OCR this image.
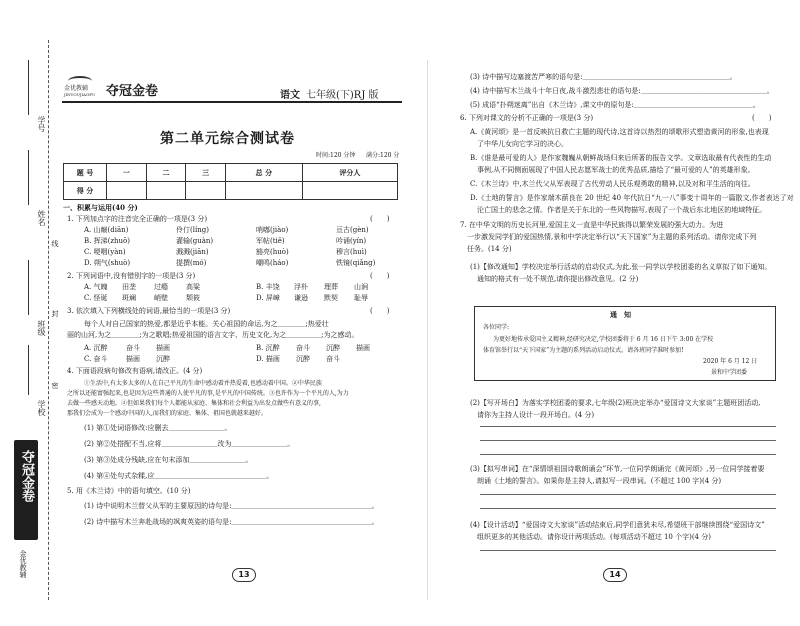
学号
姓名
班级
学校
线
封
密
夺冠金卷
金优教辅
金优教辅
JINYOUJIAOFU 夺冠金卷	语文 七年级(下)RJ 版
第二单元综合测试卷
时间:120 分钟 满分:120 分
题 号	一	二	三	总 分	评分人
得 分					
一、积累与运用(40 分)
1. 下列加点字的注音完全正确的一项是(3 分)	(　　)
A. 山巅(diān)	伶仃(líng)	哨嘟(jiào)	亘古(gèn)
B. 挥涕(zhuō)	灌输(guàn)	军帖(tiě)	吟诵(yín)
C. 哽咽(yàn)	溅溅(jiān)	豁亮(huò)	穆言(huì)
D. 朔气(shuò)	提撰(mó)	嘲鸣(háo)	铁镜(qiǎng)
2. 下列词语中,没有错别字的一项是(3 分)	(　　)
A. 气魄 田垄	过瘾	高粱	B. 丰饶 浮朴 理葬 山涧
C. 怪诞 斑斓	峭壁	颓筱	D. 屏嶂 谦逊 默契 耻辱
3. 依次填入下列横线处的词语,最恰当的一项是(3 分)	(　　)
每个人对自己国家的热爱,都是近乎本能。关心祖国的命运,为之＿＿＿＿;热爱壮
丽的山河,为之＿＿＿＿;为之歌唱;热爱祖国的语言文字、历史文化,为之＿＿＿＿＿;为之感动。
A. 沉醉	奋斗 描画	B. 沉醉 奋斗 沉醉 描画
C. 奋斗	描画 沉醉	D. 描画 沉醉 奋斗
4. 下面语段病句修改有语病,请改正。(4 分)
①生活中,有太多太多的人在自己平凡的生命中感动着并热爱着,也感动着中国。②中华民族
之所以还能富强起来,也是因为这些普通的人使平凡的事,是平凡的中国传统。③也许作为一个平凡的人,为力
去做一些感天动地。④但如果我们每个人都能从家庭、集体和社会利益为出发点做些有意义的事,
那我们会成为一个感动中国的人,而我们的家庭、集体、祖国也就越来越好。
(1) 第①处词语修改:应删去＿＿＿＿＿＿＿＿。
(2) 第②处搭配不当,应将＿＿＿＿＿＿＿＿改为＿＿＿＿＿＿＿＿。
(3) 第③处成分残缺,应在句末添加＿＿＿＿＿＿＿＿。
(4) 第④处句式杂糅,应＿＿＿＿＿＿＿＿＿＿＿＿＿＿＿＿。
5. 用《木兰诗》中的语句填空。(10 分)
(1) 诗中说明木兰替父从军的主要原因的诗句是:＿＿＿＿＿＿＿＿＿＿＿＿＿＿＿＿＿＿＿＿。
(2) 诗中描写木兰奔赴战场的飒爽英姿的语句是:＿＿＿＿＿＿＿＿＿＿＿＿＿＿＿＿＿＿＿＿。
13
(3) 诗中描写边塞渡苦严寒的语句是:＿＿＿＿＿＿＿＿＿＿＿＿＿＿＿＿＿＿＿＿＿。
(4) 诗中描写木兰战斗十年日夜,战斗激烈悲壮的语句是:＿＿＿＿＿＿＿＿＿＿＿＿＿＿＿＿＿＿。
(5) 成语“扑朔迷离”出自《木兰诗》,课文中的原句是:＿＿＿＿＿＿＿＿＿＿＿＿＿＿＿＿＿。
6. 下列对课文的分析不正确的一项是(3 分)	(　　)
A.《黄河颂》是一首反映抗日救亡主题的现代诗,这首诗以热烈的颂歌形式塑造黄河的形象,也表现
　了中华儿女向它学习的决心。
B.《谁是最可爱的人》是作家魏巍从朝鲜战场归来后所著的报告文学。文章选取最有代表性的生动
　事例,从不同侧面展现了中国人民志愿军战士的优秀品质,描绘了“最可爱的人”的英雄形象。
C.《木兰诗》中,木兰代父从军表现了古代劳动人民乐观勇敢的精神,以及对和平生活的向往。
D.《土地的誓言》是作家端木蕻良在 20 世纪 40 年代抗日“九一八”事变十周年的一篇散文,作者表达了对
　沦亡国土的悲念之情。作者是关于东北的一些风物描写,表现了一个战后东北地区的地域特征。
7. 在中华文明的历史长河里,爱国主义一直是中华民族得以繁荣发展的强大动力。为进
　一步激发同学们的爱国热情,景和中学决定举行以“天下国家”为主题的系列活动。请你完成下列
　任务。(14 分)
(1)【修改通知】学校决定举行活动的启动仪式,为此,张一同学以学校团委的名义草拟了如下通知。
　通知的格式有一处不规范,请你提出修改意见。(2 分)
通　知
各位同学:
为更好地传承爱国主义精神,经研究决定,学校团委将于 6 月 16 日下午 3:00 在学校
体育馆举行以“天下国家”为主题的系列活动启动仪式。请各班同学准时参加!
2020 年 6 月 12 日
景和中学团委
(2)【写开场白】为落实学校团委的要求,七年级(2)班决定举办“爱国诗文大家谈”主题班团活动,
　请你为主持人设计一段开场白。(4 分)
(3)【拟写串词】在“深情颂祖国诗歌朗诵会”环节,一位同学朗诵完《黄河颂》,另一位同学接着要
　朗诵《土地的誓言》。如果你是主持人,请拟写一段串词。(不超过 100 字)(4 分)
(4)【设计活动】“爱国诗文大家谈”活动结束后,同学们意犹未尽,希望班干部继续围绕“爱国诗文”
　组织更多的其他活动。请你设计两项活动。(每项活动不超过 10 个字)(4 分)
14
